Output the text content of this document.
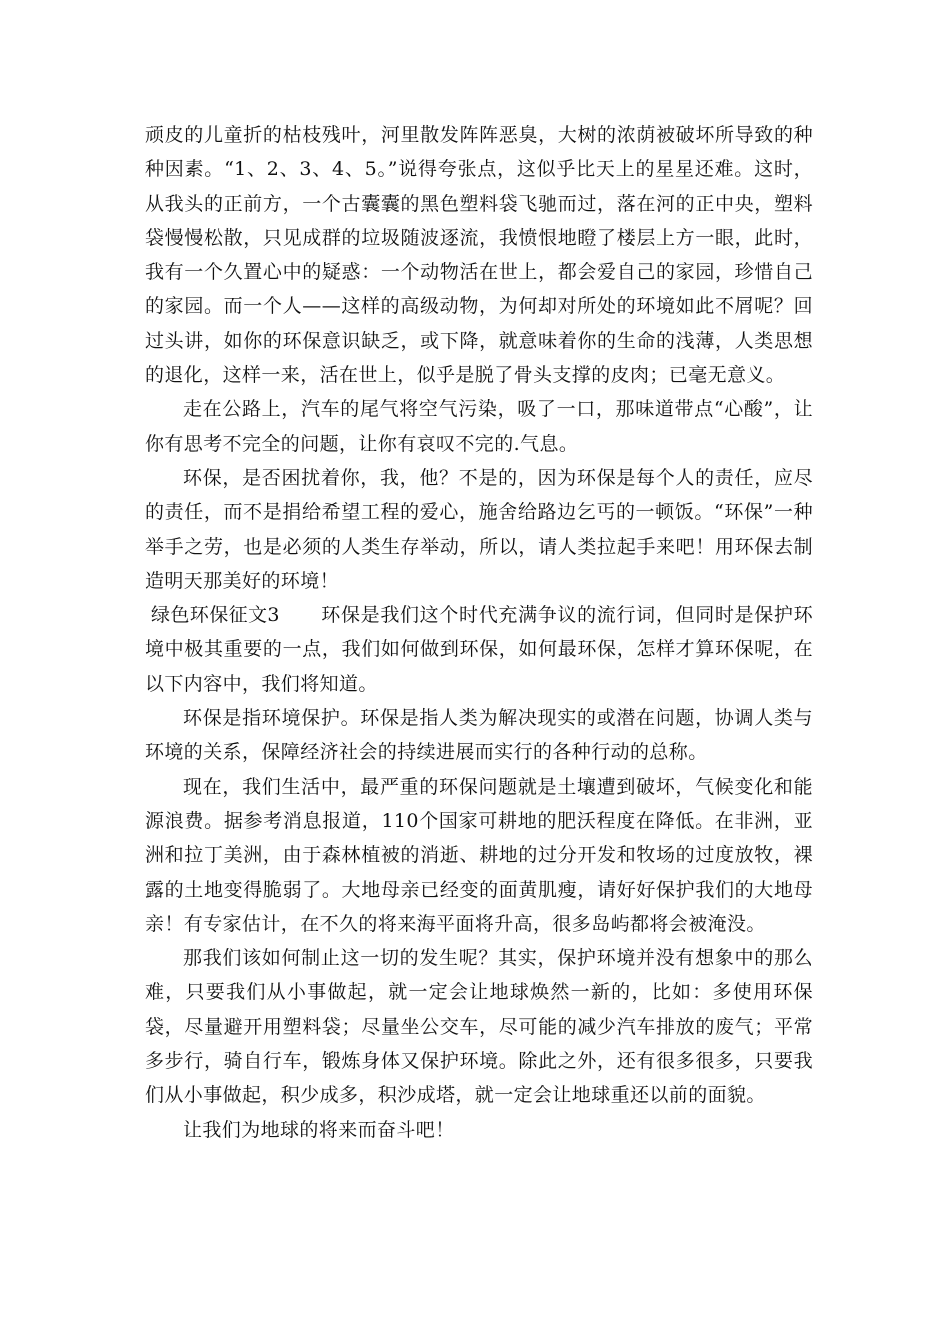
顽皮的儿童折的枯枝残叶，河里散发阵阵恶臭，大树的浓荫被破坏所导致的种种因素。“1、2、3、4、5。”说得夸张点，这似乎比天上的星星还难。这时，从我头的正前方，一个古囊囊的黑色塑料袋飞驰而过，落在河的正中央，塑料袋慢慢松散，只见成群的垃圾随波逐流，我愤恨地瞪了楼层上方一眼，此时，我有一个久置心中的疑惑：一个动物活在世上，都会爱自己的家园，珍惜自己的家园。而一个人——这样的高级动物，为何却对所处的环境如此不屑呢？回过头讲，如你的环保意识缺乏，或下降，就意味着你的生命的浅薄，人类思想的退化，这样一来，活在世上，似乎是脱了骨头支撑的皮肉；已毫无意义。

走在公路上，汽车的尾气将空气污染，吸了一口，那味道带点“心酸”，让你有思考不完全的问题，让你有哀叹不完的.气息。

环保，是否困扰着你，我，他？不是的，因为环保是每个人的责任，应尽的责任，而不是捐给希望工程的爱心，施舍给路边乞丐的一顿饭。“环保”一种举手之劳，也是必须的人类生存举动，所以，请人类拉起手来吧！用环保去制造明天那美好的环境！

绿色环保征文3 环保是我们这个时代充满争议的流行词，但同时是保护环境中极其重要的一点，我们如何做到环保，如何最环保，怎样才算环保呢，在以下内容中，我们将知道。

环保是指环境保护。环保是指人类为解决现实的或潜在问题，协调人类与环境的关系，保障经济社会的持续进展而实行的各种行动的总称。

现在，我们生活中，最严重的环保问题就是土壤遭到破坏，气候变化和能源浪费。据参考消息报道，110个国家可耕地的肥沃程度在降低。在非洲，亚洲和拉丁美洲，由于森林植被的消逝、耕地的过分开发和牧场的过度放牧，裸露的土地变得脆弱了。大地母亲已经变的面黄肌瘦，请好好保护我们的大地母亲！有专家估计，在不久的将来海平面将升高，很多岛屿都将会被淹没。

那我们该如何制止这一切的发生呢？其实，保护环境并没有想象中的那么难，只要我们从小事做起，就一定会让地球焕然一新的，比如：多使用环保袋，尽量避开用塑料袋；尽量坐公交车，尽可能的减少汽车排放的废气；平常多步行，骑自行车，锻炼身体又保护环境。除此之外，还有很多很多，只要我们从小事做起，积少成多，积沙成塔，就一定会让地球重还以前的面貌。

让我们为地球的将来而奋斗吧！
